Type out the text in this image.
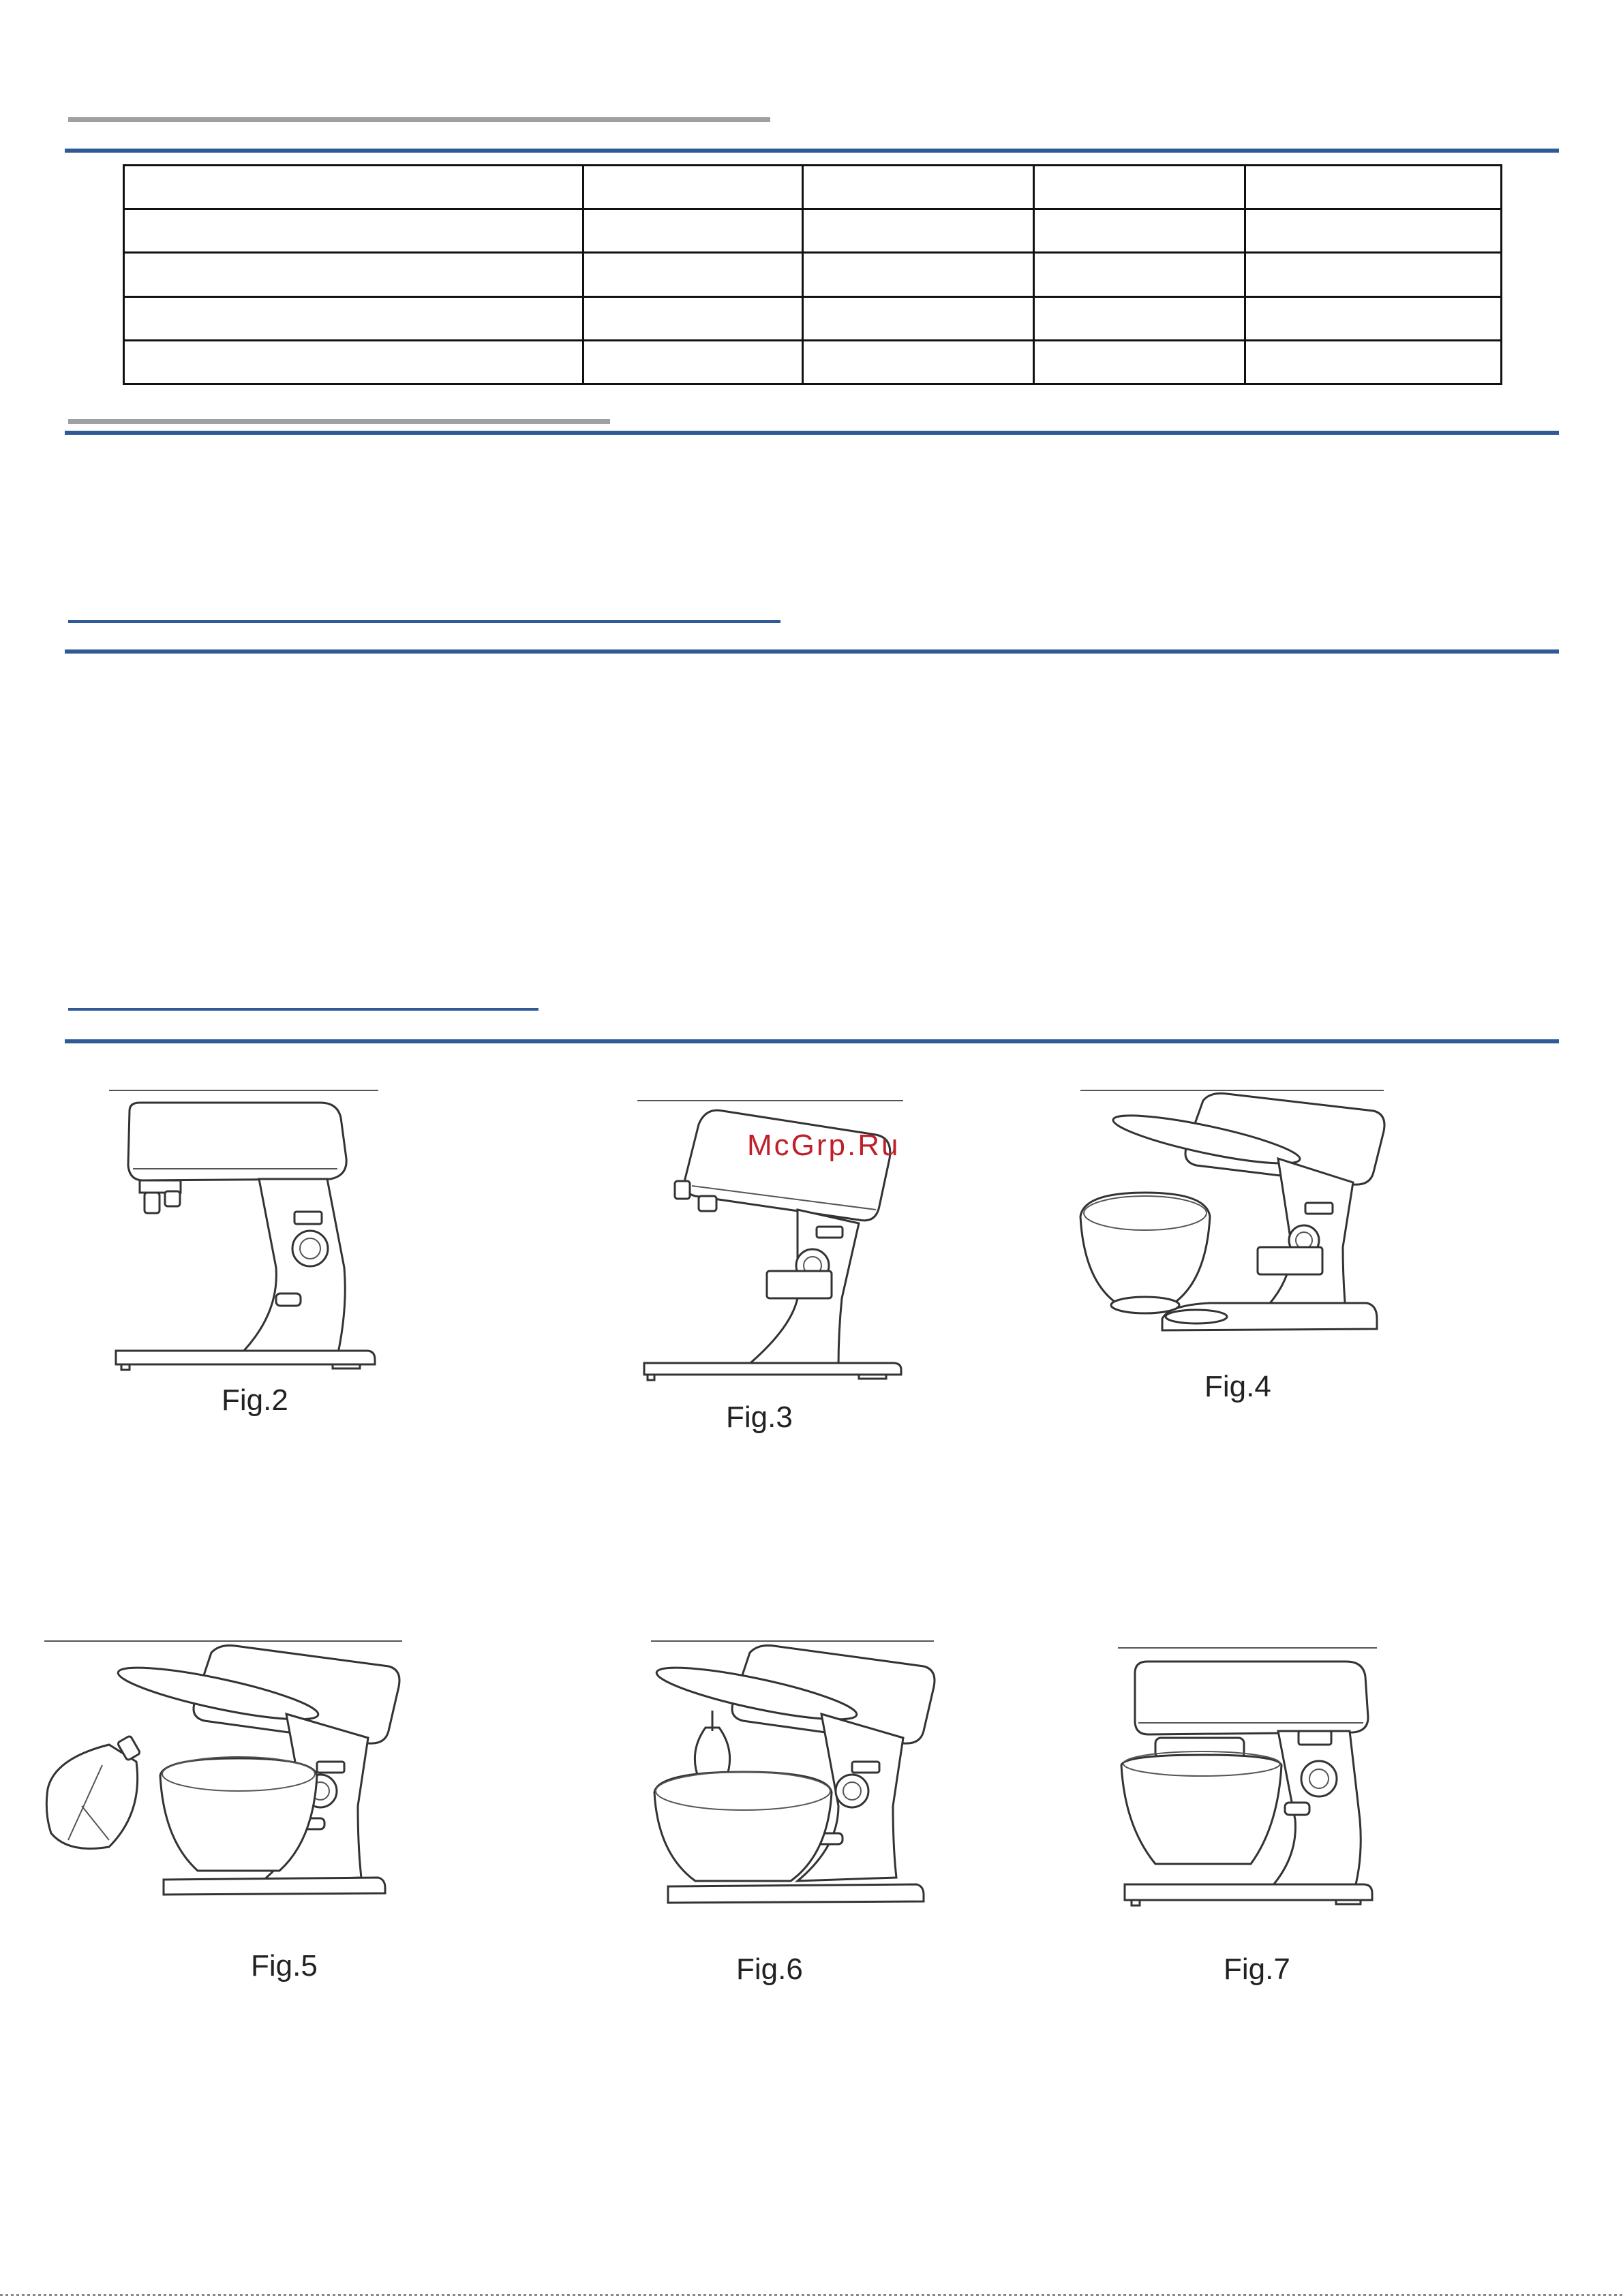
Fig.2
Fig.3
Fig.4
Fig.5	Fig.6	Fig.7
McGrp.Ru
